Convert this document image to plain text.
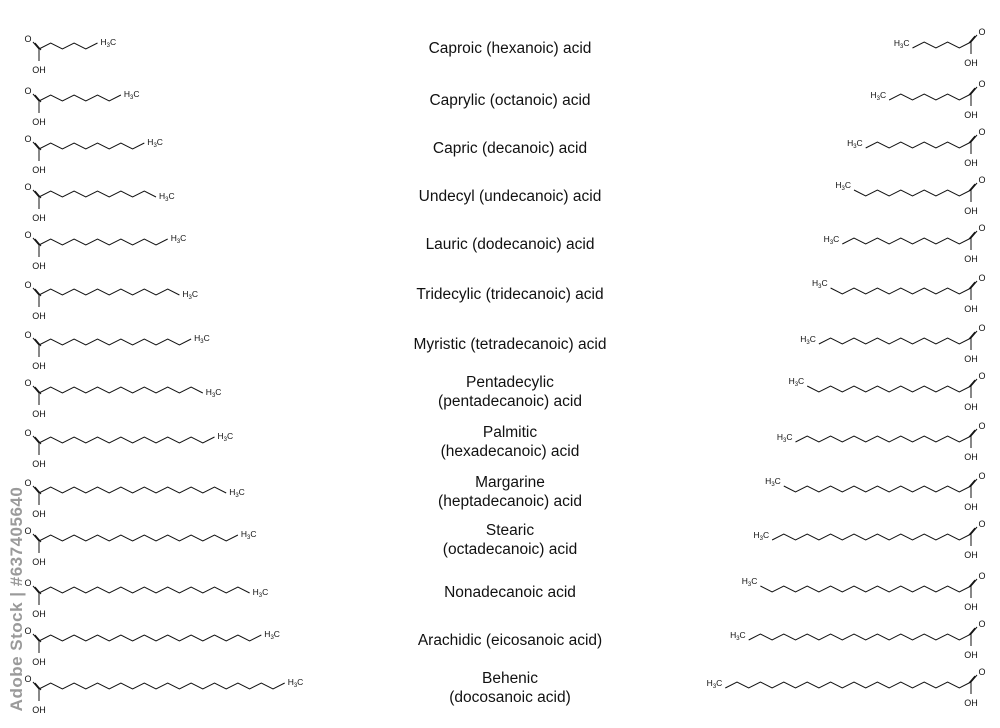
O
OH
$H_3C$
O
OH
$H_3C$
O
OH
$H_3C$
O
OH
$H_3C$
O
OH
$H_3C$
O
OH
$H_3C$
O
OH
$H_3C$
O
OH
$H_3C$
O
OH
$H_3C$
O
OH
$H_3C$
O
OH
$H_3C$
O
OH
$H_3C$
O
OH
$H_3C$
O
OH
$H_3C$
Caproic (hexanoic) acid
Caprylic (octanoic) acid
Capric (decanoic) acid
Undecyl (undecanoic) acid
Lauric (dodecanoic) acid
Tridecylic (tridecanoic) acid
Myristic (tetradecanoic) acid
Pentadecylic
(pentadecanoic) acid
Palmitic
(hexadecanoic) acid
Margarine
(heptadecanoic) acid
Stearic
(octadecanoic) acid
Nonadecanoic acid
Arachidic (eicosanoic acid)
Behenic
(docosanoic acid)
O
OH
$H_3C$
O
OH
$H_3C$
O
OH
$H_3C$
O
OH
$H_3C$
O
OH
$H_3C$
O
OH
$H_3C$
O
OH
$H_3C$
O
OH
$H_3C$
O
OH
$H_3C$
O
OH
$H_3C$
O
OH
$H_3C$
O
OH
$H_3C$
O
OH
$H_3C$
O
OH
$H_3C$
Adobe Stock | #637405640
